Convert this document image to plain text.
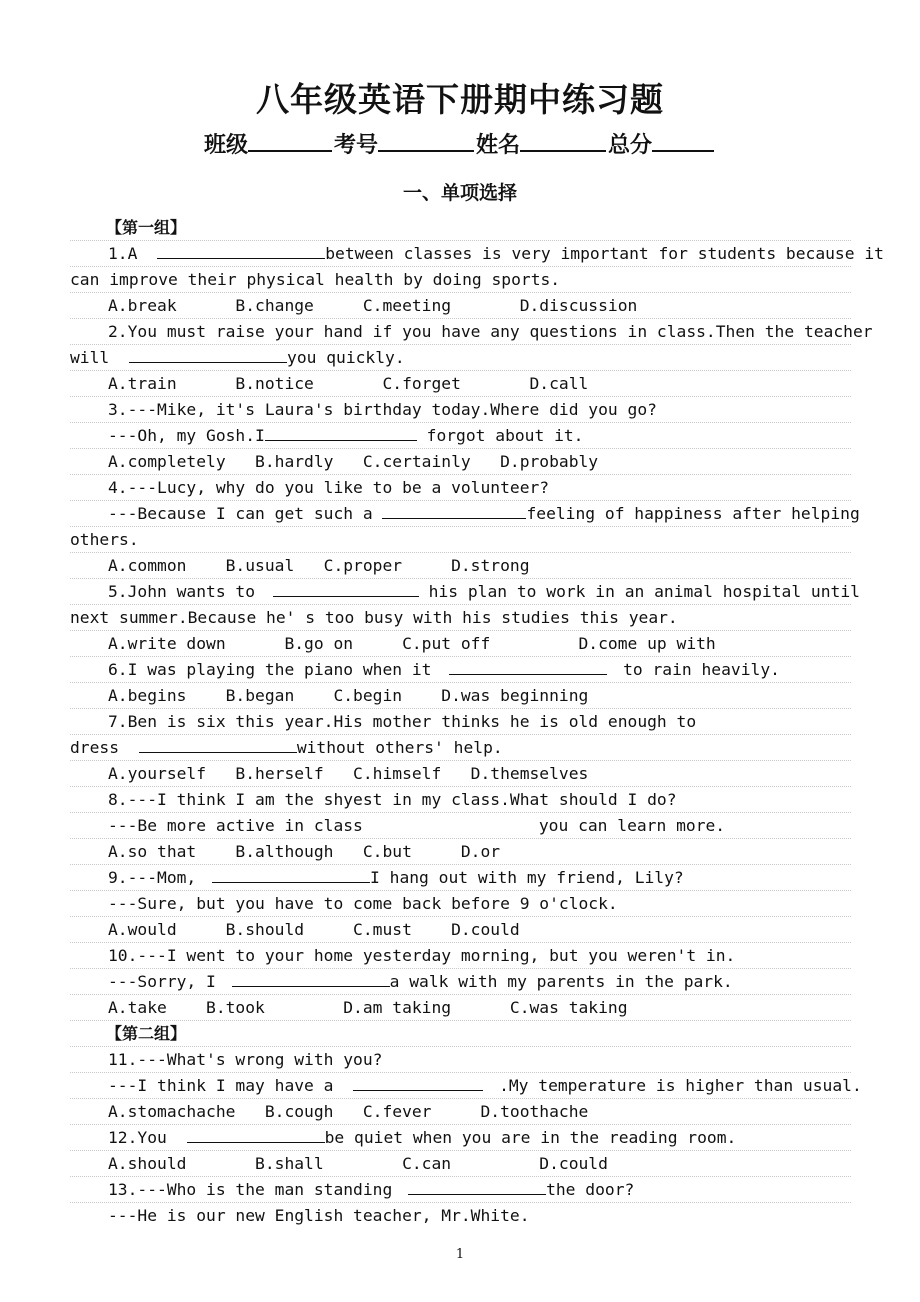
八年级英语下册期中练习题
班级	考号	姓名	总分
一、单项选择
【第一组】
1.A	between classes is very important for students because it
can improve their physical health by doing sports.
A.break      B.change     C.meeting       D.discussion
2.You must raise your hand if you have any questions in class.Then the teacher
will	you quickly.
A.train      B.notice       C.forget       D.call
3.---Mike, it's Laura's birthday today.Where did you go?
---Oh, my Gosh.I	forgot about it.
A.completely   B.hardly   C.certainly   D.probably
4.---Lucy, why do you like to be a volunteer?
---Because I can get such a	feeling of happiness after helping
others.
A.common    B.usual   C.proper     D.strong
5.John wants to	his plan to work in an animal hospital until
next summer.Because he' s too busy with his studies this year.
A.write down      B.go on     C.put off         D.come up with
6.I was playing the piano when it	to rain heavily.
A.begins    B.began    C.begin    D.was beginning
7.Ben is six this year.His mother thinks he is old enough to
dress	without others' help.
A.yourself   B.herself   C.himself   D.themselves
8.---I think I am the shyest in my class.What should I do?
---Be more active in class	you can learn more.
A.so that    B.although   C.but     D.or
9.---Mom,	I hang out with my friend, Lily?
---Sure, but you have to come back before 9 o'clock.
A.would     B.should     C.must    D.could
10.---I went to your home yesterday morning, but you weren't in.
---Sorry, I	a walk with my parents in the park.
A.take    B.took        D.am taking      C.was taking
【第二组】
11.---What's wrong with you?
---I think I may have a	.My temperature is higher than usual.
A.stomachache   B.cough   C.fever     D.toothache
12.You	be quiet when you are in the reading room.
A.should       B.shall        C.can         D.could
13.---Who is the man standing	the door?
---He is our new English teacher, Mr.White.
1
